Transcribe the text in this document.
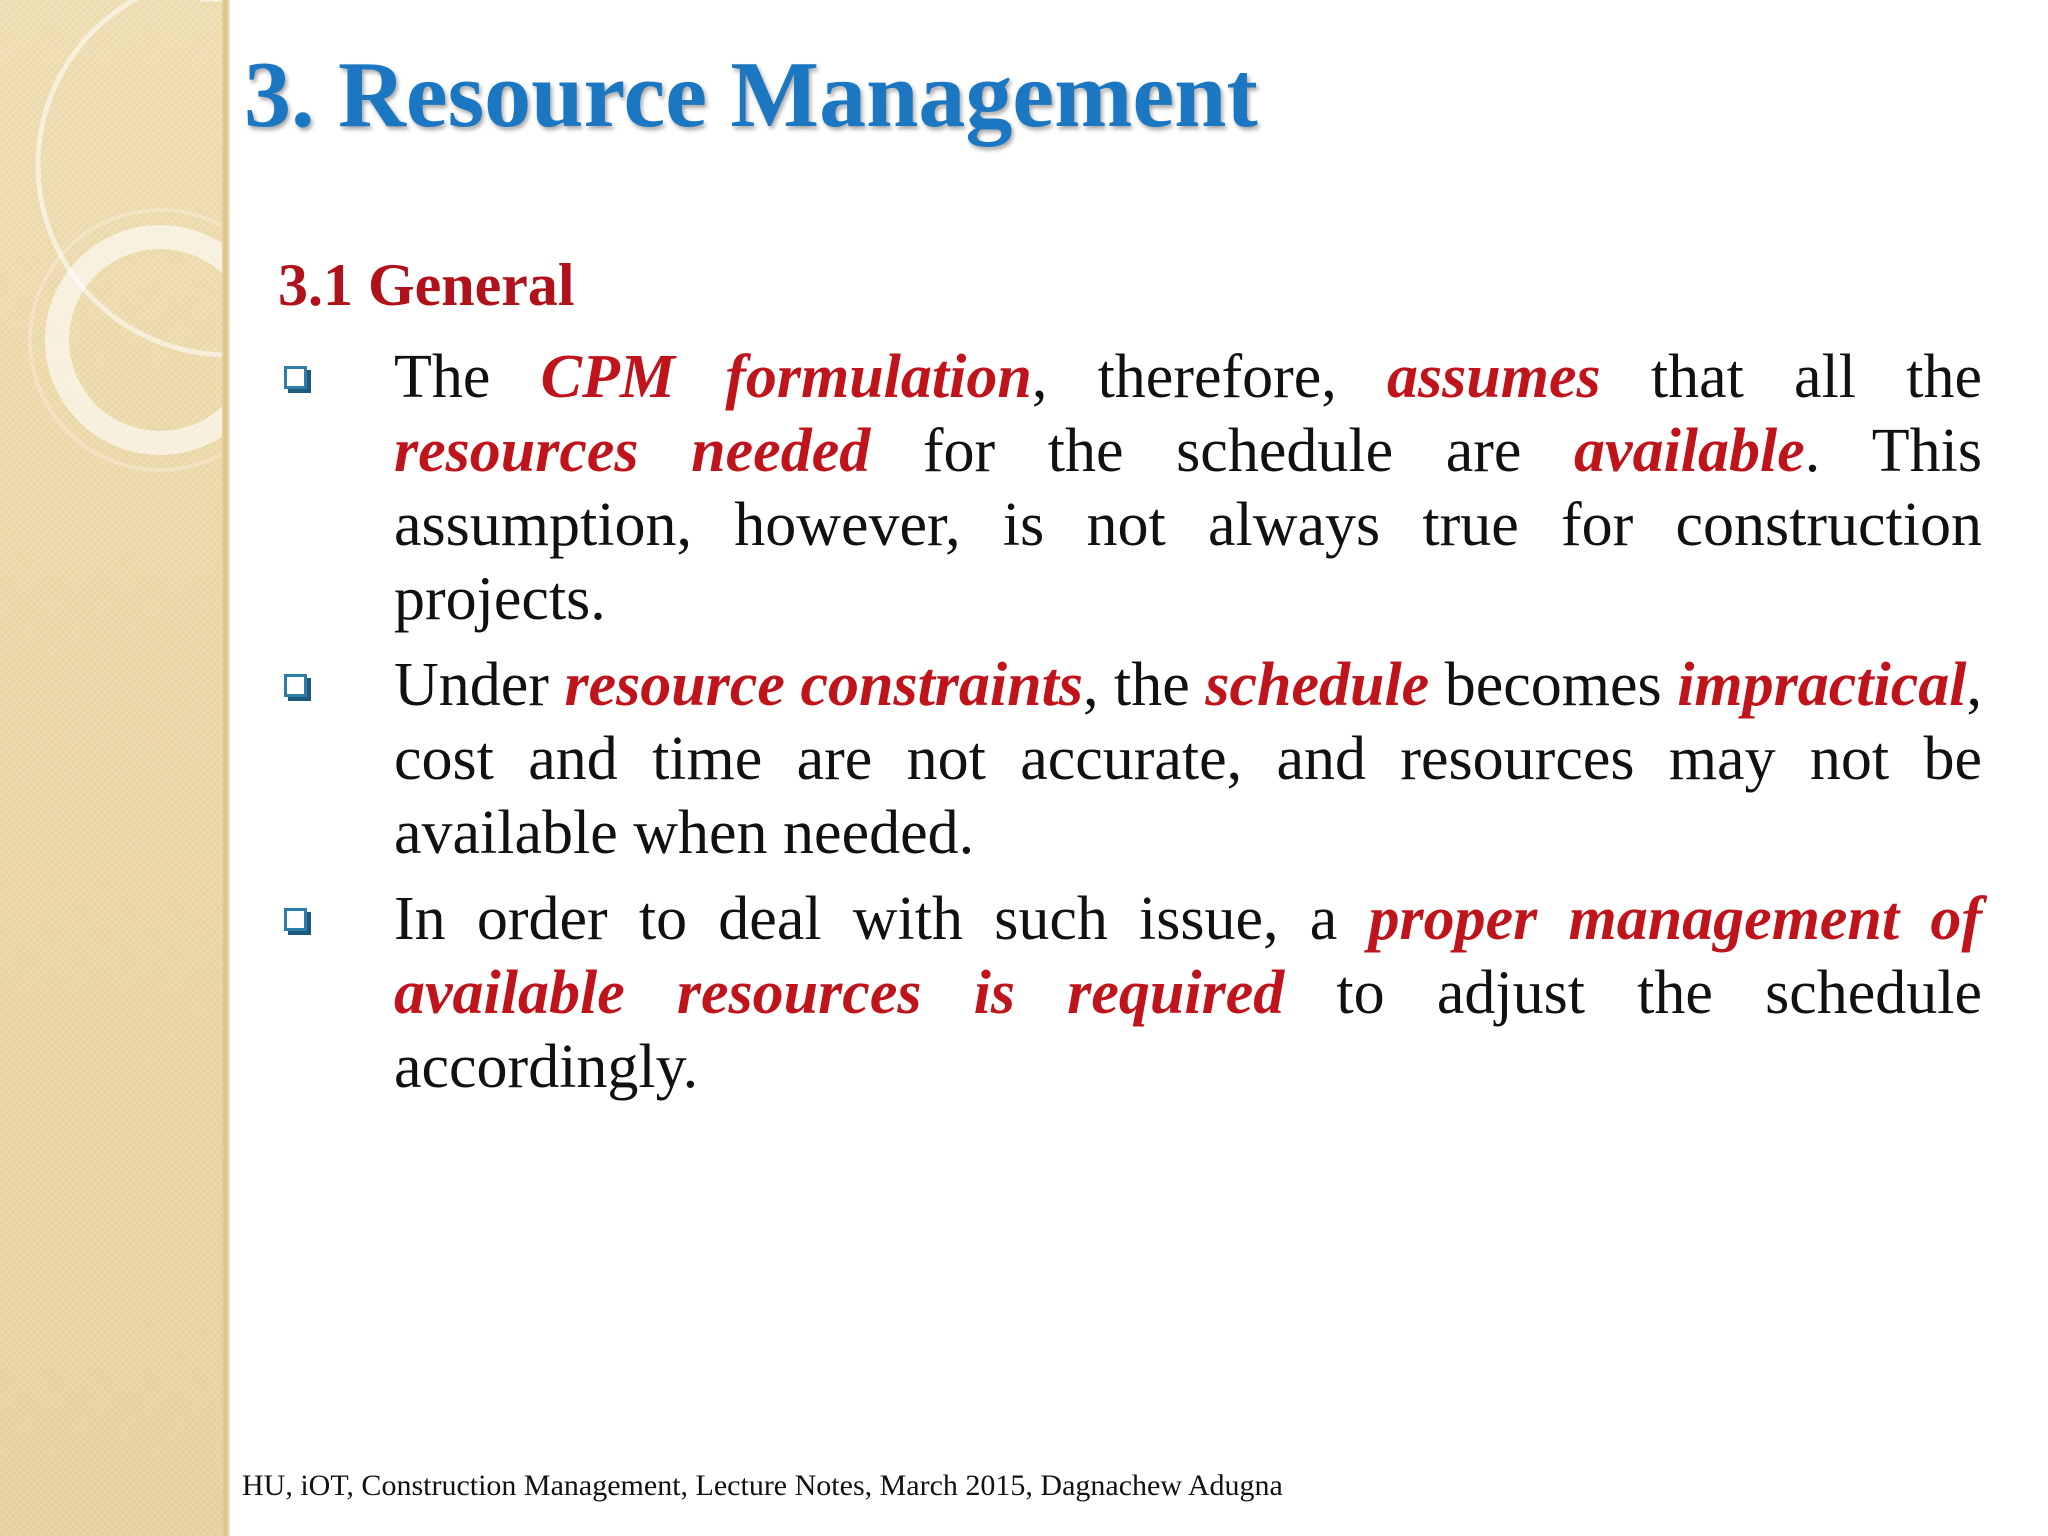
3. Resource Management
3.1 General

The CPM formulation, therefore, assumes that all the resources needed for the schedule are available. This assumption, however, is not always true for construction projects.

Under resource constraints, the schedule becomes impractical, cost and time are not accurate, and resources may not be available when needed.

In order to deal with such issue, a proper management of available resources is required to adjust the schedule accordingly.

HU, iOT, Construction Management, Lecture Notes, March 2015, Dagnachew Adugna
